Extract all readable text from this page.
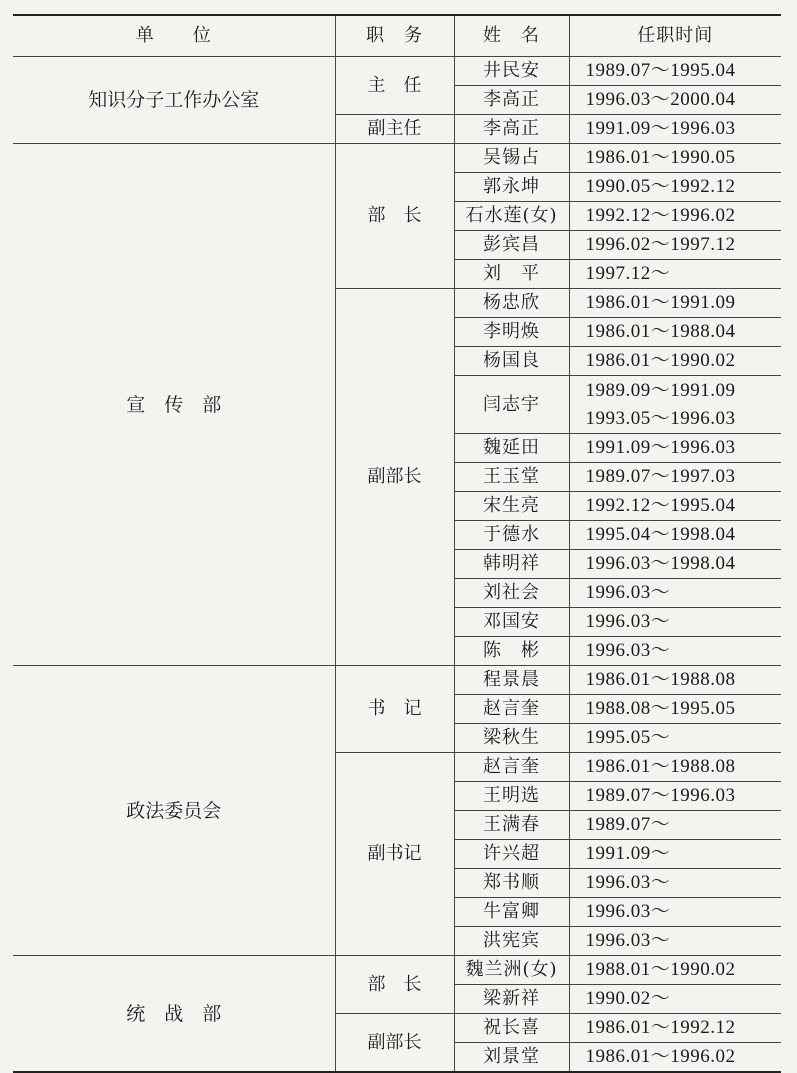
单　　位	职　务	姓　名	任职时间
知识分子工作办公室	主　任	井民安	1989.07～1995.04
		李高正	1996.03～2000.04
	副主任	李高正	1991.09～1996.03
宣　传　部	部　长	吴锡占	1986.01～1990.05
		郭永坤	1990.05～1992.12
		石水莲(女)	1992.12～1996.02
		彭宾昌	1996.02～1997.12
		刘　平	1997.12～
	副部长	杨忠欣	1986.01～1991.09
		李明焕	1986.01～1988.04
		杨国良	1986.01～1990.02
		闫志宇	1989.09～1991.09
1993.05～1996.03

		魏延田	1991.09～1996.03
		王玉堂	1989.07～1997.03
		宋生亮	1992.12～1995.04
		于德水	1995.04～1998.04
		韩明祥	1996.03～1998.04
		刘社会	1996.03～
		邓国安	1996.03～
		陈　彬	1996.03～
政法委员会	书　记	程景晨	1986.01～1988.08
		赵言奎	1988.08～1995.05
		梁秋生	1995.05～
	副书记	赵言奎	1986.01～1988.08
		王明选	1989.07～1996.03
		王满春	1989.07～
		许兴超	1991.09～
		郑书顺	1996.03～
		牛富卿	1996.03～
		洪宪宾	1996.03～
统　战　部	部　长	魏兰洲(女)	1988.01～1990.02
		梁新祥	1990.02～
	副部长	祝长喜	1986.01～1992.12
		刘景堂	1986.01～1996.02
